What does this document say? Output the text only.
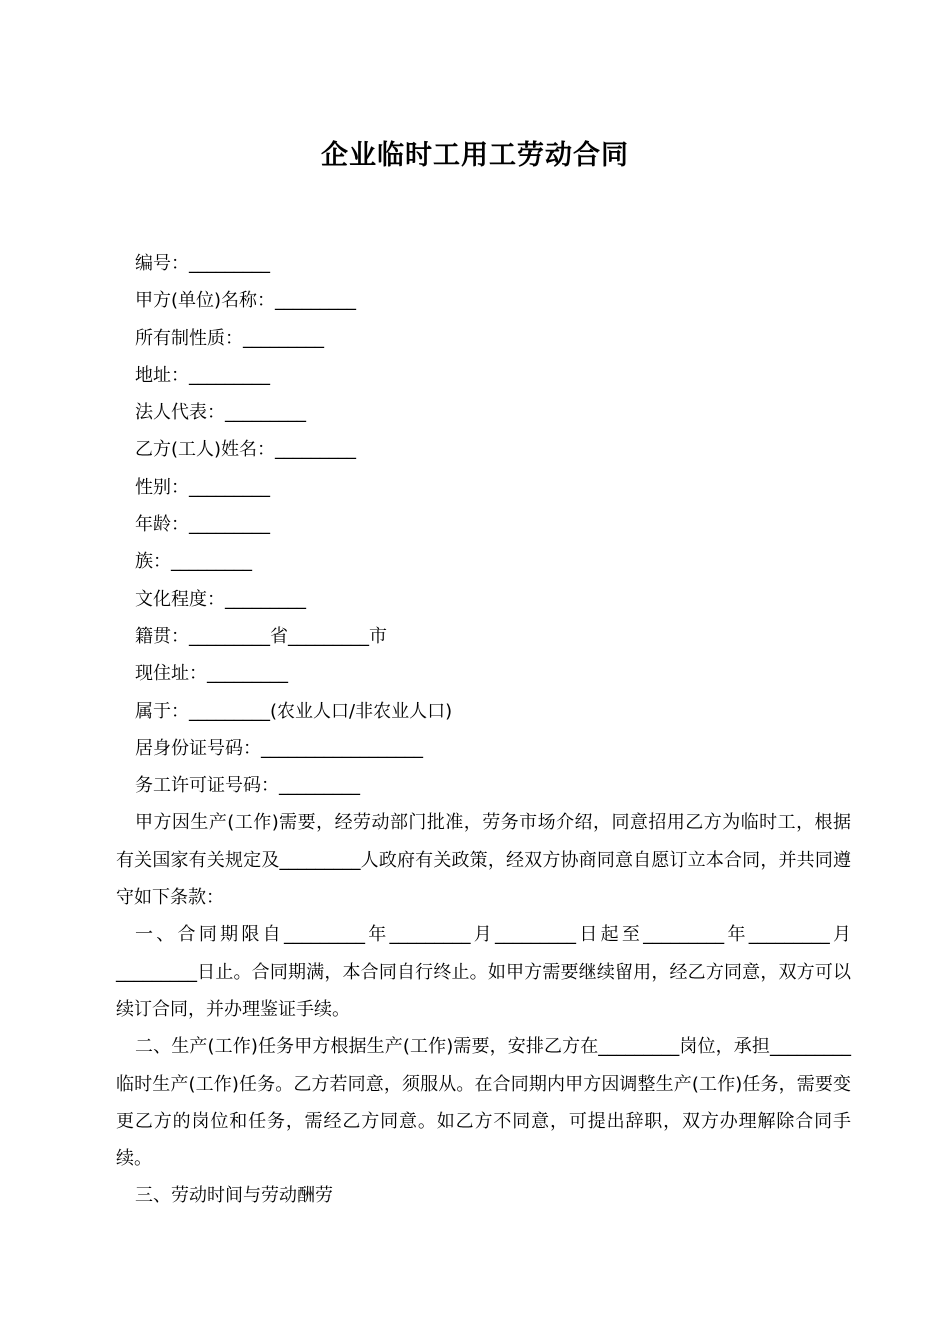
企业临时工用工劳动合同
编号：_________
甲方(单位)名称：_________
所有制性质：_________
地址：_________
法人代表：_________
乙方(工人)姓名：_________
性别：_________
年龄：_________
族：_________
文化程度：_________
籍贯：_________省_________市
现住址：_________
属于：_________(农业人口/非农业人口)
居身份证号码：__________________
务工许可证号码：_________
甲方因生产(工作)需要，经劳动部门批准，劳务市场介绍，同意招用乙方为临时工，根据有关国家有关规定及_________人政府有关政策，经双方协商同意自愿订立本合同，并共同遵守如下条款：
一、合同期限自_________年_________月_________日起至_________年_________月_________日止。合同期满，本合同自行终止。如甲方需要继续留用，经乙方同意，双方可以续订合同，并办理鉴证手续。
二、生产(工作)任务甲方根据生产(工作)需要，安排乙方在_________岗位，承担_________临时生产(工作)任务。乙方若同意，须服从。在合同期内甲方因调整生产(工作)任务，需要变更乙方的岗位和任务，需经乙方同意。如乙方不同意，可提出辞职，双方办理解除合同手续。
三、劳动时间与劳动酬劳
